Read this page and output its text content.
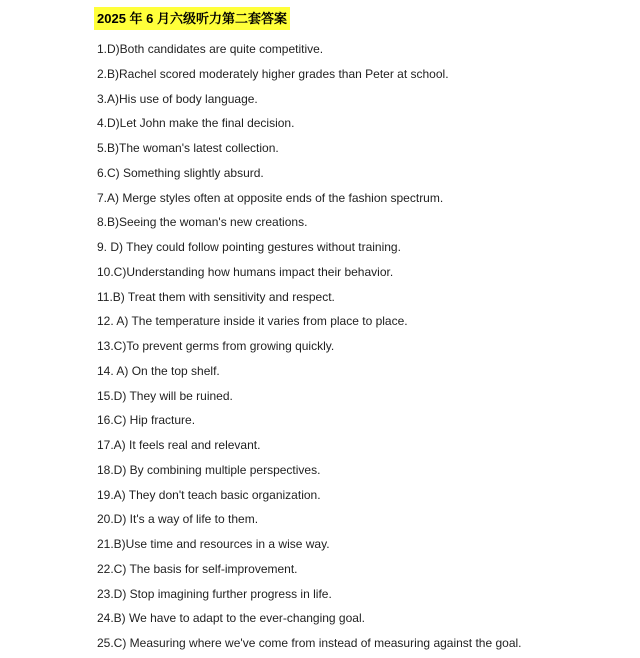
2025 年 6 月六级听力第二套答案
1.D)Both candidates are quite competitive.
2.B)Rachel scored moderately higher grades than Peter at school.
3.A)His use of body language.
4.D)Let John make the final decision.
5.B)The woman's latest collection.
6.C) Something slightly absurd.
7.A) Merge styles often at opposite ends of the fashion spectrum.
8.B)Seeing the woman's new creations.
9. D) They could follow pointing gestures without training.
10.C)Understanding how humans impact their behavior.
11.B) Treat them with sensitivity and respect.
12. A) The temperature inside it varies from place to place.
13.C)To prevent germs from growing quickly.
14. A) On the top shelf.
15.D) They will be ruined.
16.C) Hip fracture.
17.A) It feels real and relevant.
18.D) By combining multiple perspectives.
19.A) They don't teach basic organization.
20.D) It's a way of life to them.
21.B)Use time and resources in a wise way.
22.C) The basis for self-improvement.
23.D) Stop imagining further progress in life.
24.B) We have to adapt to the ever-changing goal.
25.C) Measuring where we've come from instead of measuring against the goal.
